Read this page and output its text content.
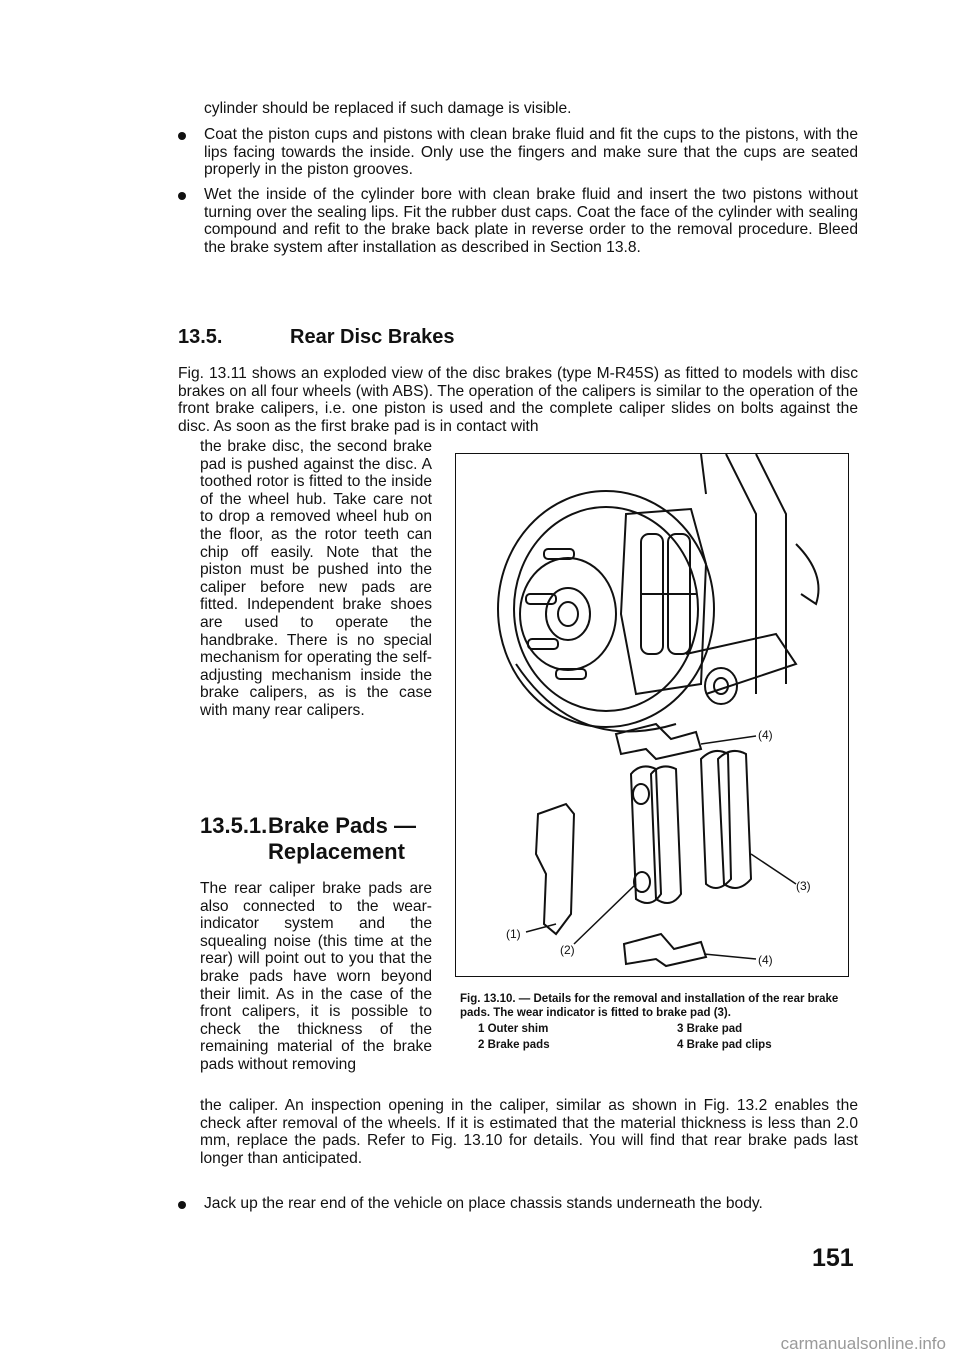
cylinder should be replaced if such damage is visible.
Coat the piston cups and pistons with clean brake fluid and fit the cups to the pistons, with the lips facing towards the inside. Only use the fingers and make sure that the cups are seated properly in the piston grooves.
Wet the inside of the cylinder bore with clean brake fluid and insert the two pistons without turning over the sealing lips. Fit the rubber dust caps. Coat the face of the cylinder with sealing compound and refit to the brake back plate in reverse order to the removal procedure. Bleed the brake system after installation as described in Section 13.8.
13.5.	Rear Disc Brakes
Fig. 13.11 shows an exploded view of the disc brakes (type M-R45S) as fitted to models with disc brakes on all four wheels (with ABS). The operation of the calipers is similar to the operation of the front brake calipers, i.e. one piston is used and the complete caliper slides on bolts against the disc. As soon as the first brake pad is in contact with
the brake disc, the second brake pad is pushed against the disc. A toothed rotor is fitted to the inside of the wheel hub. Take care not to drop a removed wheel hub on the floor, as the rotor teeth can chip off easily. Note that the piston must be pushed into the caliper before new pads are fitted. Independent brake shoes are used to operate the handbrake. There is no special mechanism for operating the self-adjusting mechanism inside the brake calipers, as is the case with many rear calipers.
13.5.1. Brake Pads —
Replacement
The rear caliper brake pads are also connected to the wear-indicator system and the squealing noise (this time at the rear) will point out to you that the brake pads have worn beyond their limit. As in the case of the front calipers, it is possible to check the thickness of the remaining material of the brake pads without removing
(4)
(3)
(4)
(1)
(2)
Fig. 13.10. — Details for the removal and installation of the rear brake pads. The wear indicator is fitted to brake pad (3).
1 Outer shim	3 Brake pad
2 Brake pads	4 Brake pad clips
the caliper. An inspection opening in the caliper, similar as shown in Fig. 13.2 enables the check after removal of the wheels. If it is estimated that the material thickness is less than 2.0 mm, replace the pads. Refer to Fig. 13.10 for details. You will find that rear brake pads last longer than anticipated.
Jack up the rear end of the vehicle on place chassis stands underneath the body.
151
carmanualsonline.info
